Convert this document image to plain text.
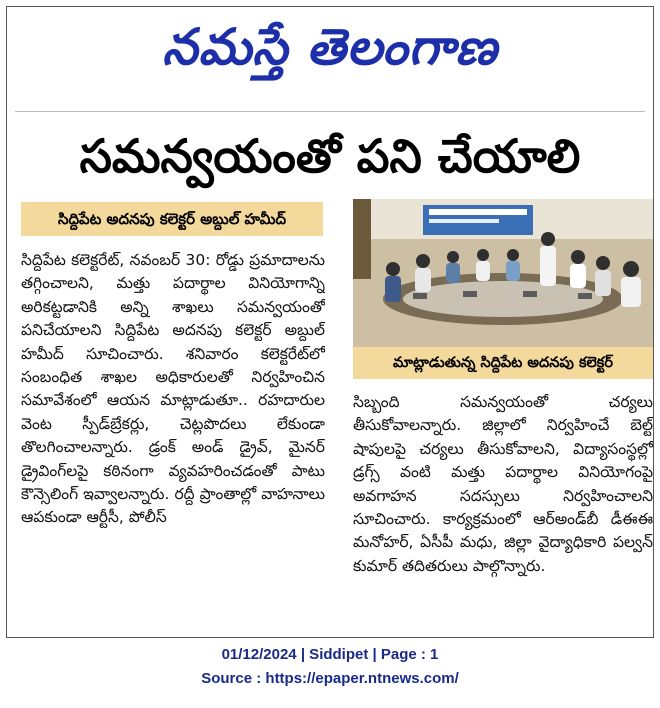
నమస్తే తెలంగాణ
సమన్వయంతో పని చేయాలి
సిద్దిపేట అదనపు కలెక్టర్ అబ్దుల్ హమీద్

సిద్దిపేట కలెక్టరేట్, నవంబర్ 30: రోడ్డు ప్రమాదాలను తగ్గించాలని, మత్తు పదార్థాల వినియోగాన్ని అరికట్టడానికి అన్ని శాఖలు సమన్వయంతో పనిచేయాలని సిద్దిపేట అదనపు కలెక్టర్ అబ్దుల్ హమీద్ సూచించారు. శనివారం కలెక్టరేట్‌లో సంబంధిత శాఖల అధికారులతో నిర్వహించిన సమావేశంలో ఆయన మాట్లాడుతూ.. రహదారుల వెంట స్పీడ్‌బ్రేకర్లు, చెట్లపొదలు లేకుండా తొలగించాలన్నారు. డ్రంక్ అండ్ డ్రైవ్, మైనర్ డ్రైవింగ్‌లపై కఠినంగా వ్యవహరించడంతో పాటు కౌన్సెలింగ్ ఇవ్వాలన్నారు. రద్దీ ప్రాంతాల్లో వాహనాలు ఆపకుండా ఆర్టీసీ, పోలీస్

మాట్లాడుతున్న సిద్దిపేట అదనపు కలెక్టర్

సిబ్బంది సమన్వయంతో చర్యలు తీసుకోవాలన్నారు. జిల్లాలో నిర్వహించే బెల్ట్ షాపులపై చర్యలు తీసుకోవాలని, విద్యాసంస్థల్లో డ్రగ్స్ వంటి మత్తు పదార్థాల వినియోగంపై అవగాహన సదస్సులు నిర్వహించాలని సూచించారు. కార్యక్రమంలో ఆర్‌అండ్‌బీ డీఈఈ మనోహర్, ఏసీపీ మధు, జిల్లా వైద్యాధికారి పల్వన్ కుమార్ తదితరులు పాల్గొన్నారు.

01/12/2024 | Siddipet | Page : 1
Source : https://epaper.ntnews.com/
